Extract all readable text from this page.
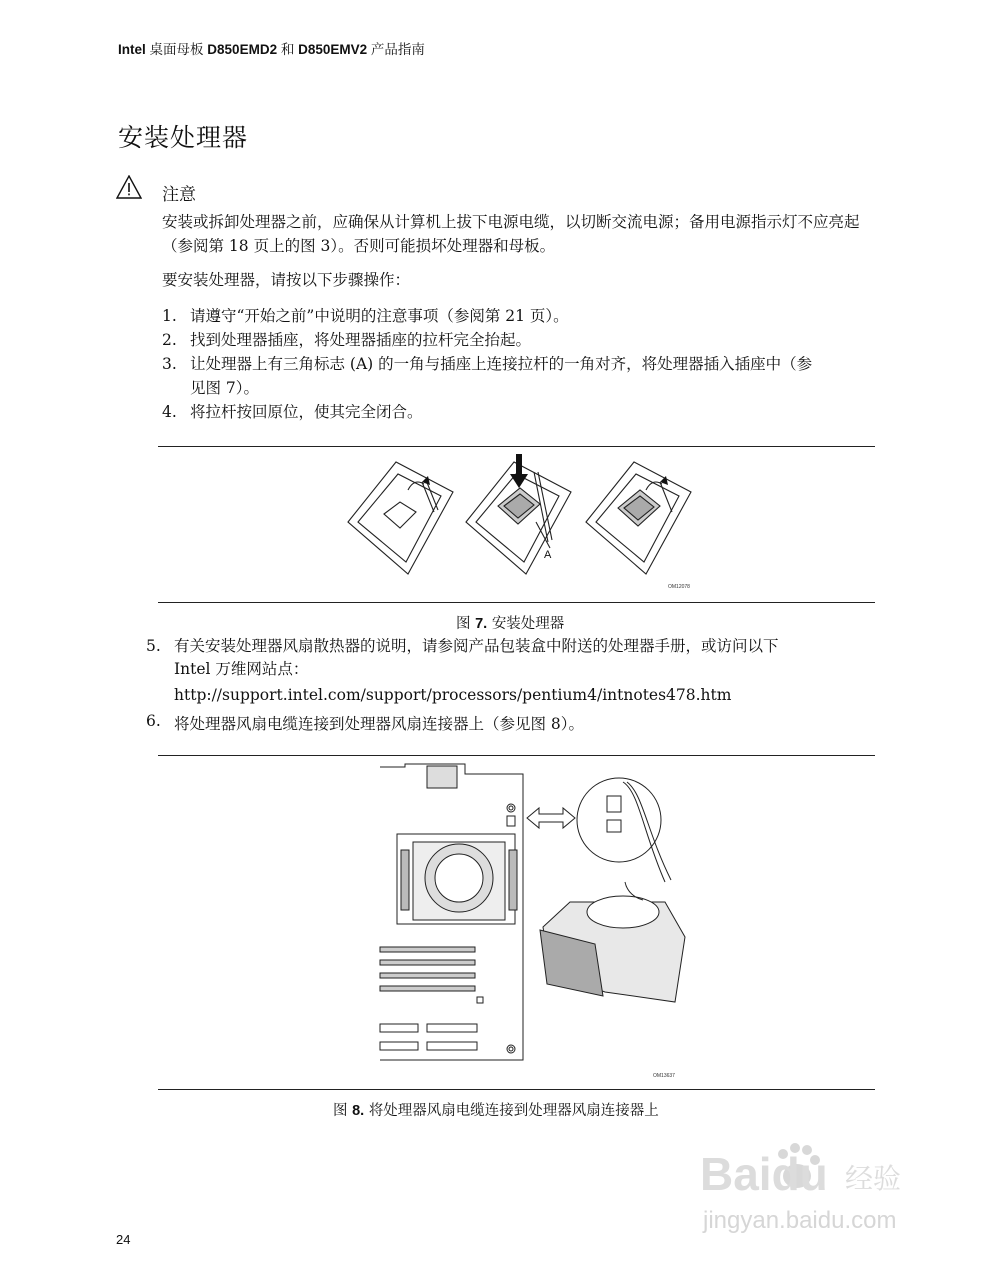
Intel 桌面母板 D850EMD2 和 D850EMV2 产品指南
安装处理器
注意
安装或拆卸处理器之前，应确保从计算机上拔下电源电缆，以切断交流电源；备用电源指示灯不应亮起（参阅第 18 页上的图 3）。否则可能损坏处理器和母板。
要安装处理器，请按以下步骤操作：
1. 请遵守“开始之前”中说明的注意事项（参阅第 21 页）。
2. 找到处理器插座，将处理器插座的拉杆完全抬起。
3. 让处理器上有三角标志 (A) 的一角与插座上连接拉杆的一角对齐，将处理器插入插座中（参见图 7）。
4. 将拉杆按回原位，使其完全闭合。
A
OM12078
图 7. 安装处理器
5. 有关安装处理器风扇散热器的说明，请参阅产品包装盒中附送的处理器手册，或访问以下 Intel 万维网站点：
http://support.intel.com/support/processors/pentium4/intnotes478.htm
6. 将处理器风扇电缆连接到处理器风扇连接器上（参见图 8）。
OM13637
图 8. 将处理器风扇电缆连接到处理器风扇连接器上
Baidu 经验
jingyan.baidu.com
24
